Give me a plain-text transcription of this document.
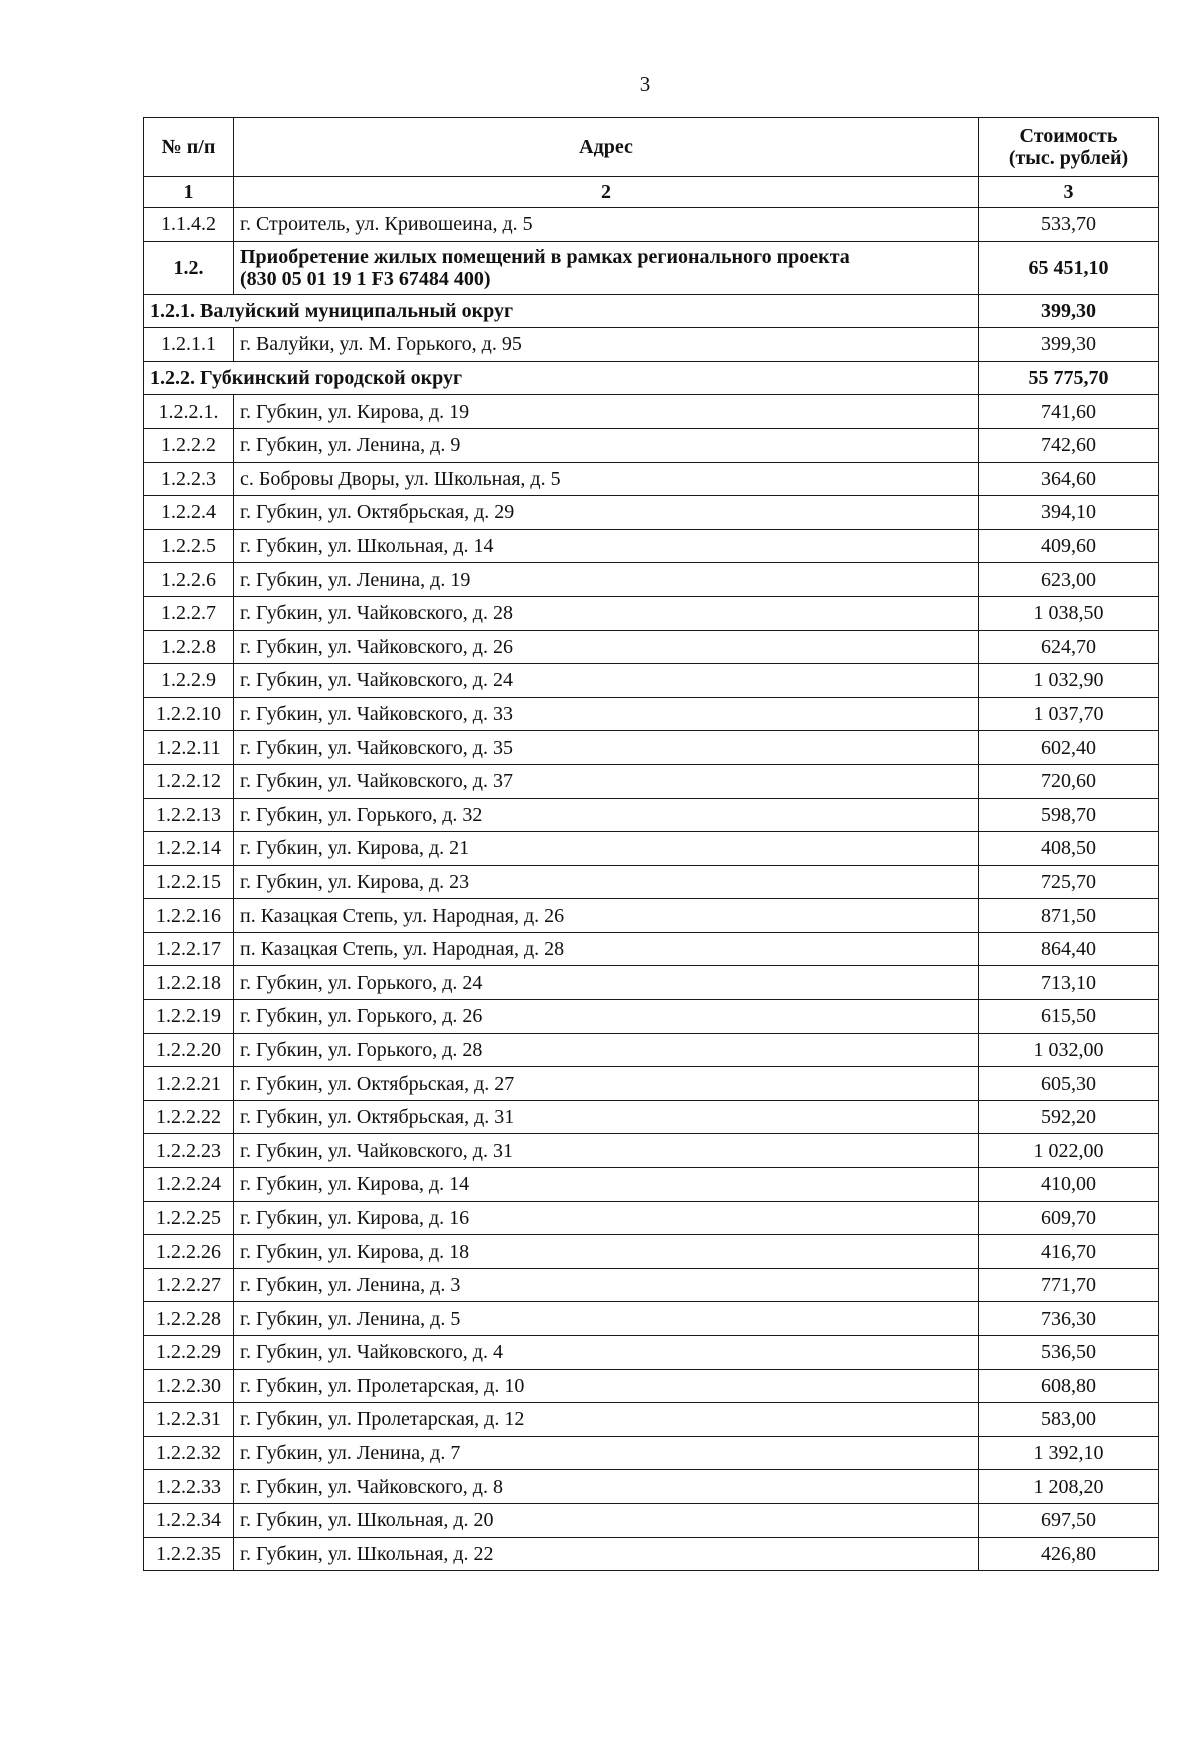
3
№ п/п	Адрес	Стоимость
(тыс. рублей)

1	2	3
1.1.4.2	г. Строитель, ул. Кривошеина, д. 5	533,70
1.2.	Приобретение жилых помещений в рамках регионального проекта
(830 05 01 19 1 F3 67484 400)	65 451,10
1.2.1. Валуйский муниципальный округ		399,30
1.2.1.1	г. Валуйки, ул. М. Горького, д. 95	399,30
1.2.2. Губкинский городской округ		55 775,70
1.2.2.1.	г. Губкин, ул. Кирова, д. 19	741,60
1.2.2.2	г. Губкин, ул. Ленина, д. 9	742,60
1.2.2.3	с. Бобровы Дворы, ул. Школьная, д. 5	364,60
1.2.2.4	г. Губкин, ул. Октябрьская, д. 29	394,10
1.2.2.5	г. Губкин, ул. Школьная, д. 14	409,60
1.2.2.6	г. Губкин, ул. Ленина, д. 19	623,00
1.2.2.7	г. Губкин, ул. Чайковского, д. 28	1 038,50
1.2.2.8	г. Губкин, ул. Чайковского, д. 26	624,70
1.2.2.9	г. Губкин, ул. Чайковского, д. 24	1 032,90
1.2.2.10	г. Губкин, ул. Чайковского, д. 33	1 037,70
1.2.2.11	г. Губкин, ул. Чайковского, д. 35	602,40
1.2.2.12	г. Губкин, ул. Чайковского, д. 37	720,60
1.2.2.13	г. Губкин, ул. Горького, д. 32	598,70
1.2.2.14	г. Губкин, ул. Кирова, д. 21	408,50
1.2.2.15	г. Губкин, ул. Кирова, д. 23	725,70
1.2.2.16	п. Казацкая Степь, ул. Народная, д. 26	871,50
1.2.2.17	п. Казацкая Степь, ул. Народная, д. 28	864,40
1.2.2.18	г. Губкин, ул. Горького, д. 24	713,10
1.2.2.19	г. Губкин, ул. Горького, д. 26	615,50
1.2.2.20	г. Губкин, ул. Горького, д. 28	1 032,00
1.2.2.21	г. Губкин, ул. Октябрьская, д. 27	605,30
1.2.2.22	г. Губкин, ул. Октябрьская, д. 31	592,20
1.2.2.23	г. Губкин, ул. Чайковского, д. 31	1 022,00
1.2.2.24	г. Губкин, ул. Кирова, д. 14	410,00
1.2.2.25	г. Губкин, ул. Кирова, д. 16	609,70
1.2.2.26	г. Губкин, ул. Кирова, д. 18	416,70
1.2.2.27	г. Губкин, ул. Ленина, д. 3	771,70
1.2.2.28	г. Губкин, ул. Ленина, д. 5	736,30
1.2.2.29	г. Губкин, ул. Чайковского, д. 4	536,50
1.2.2.30	г. Губкин, ул. Пролетарская, д. 10	608,80
1.2.2.31	г. Губкин, ул. Пролетарская, д. 12	583,00
1.2.2.32	г. Губкин, ул. Ленина, д. 7	1 392,10
1.2.2.33	г. Губкин, ул. Чайковского, д. 8	1 208,20
1.2.2.34	г. Губкин, ул. Школьная, д. 20	697,50
1.2.2.35	г. Губкин, ул. Школьная, д. 22	426,80
